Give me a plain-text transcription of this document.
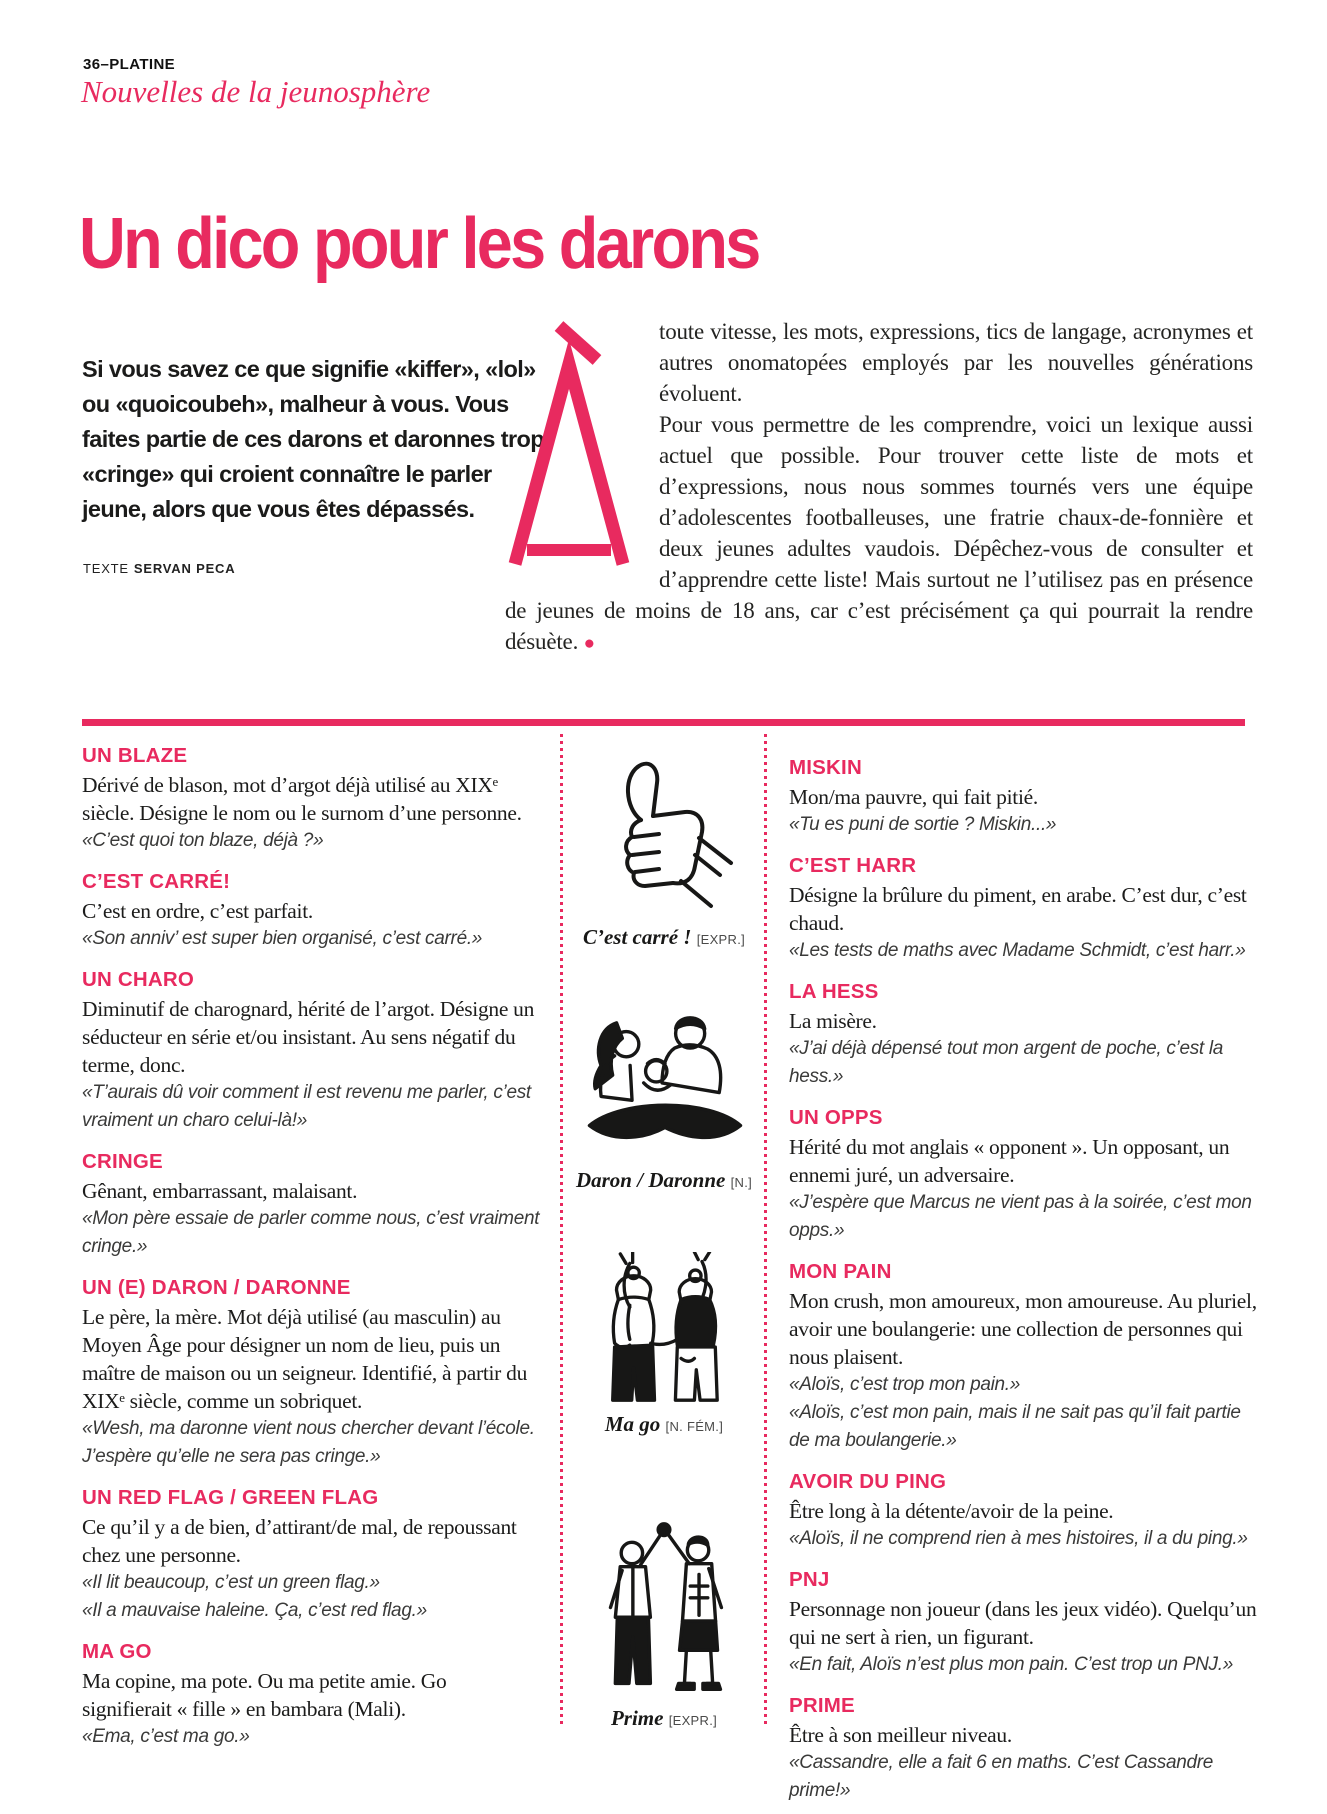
36–PLATINE
Nouvelles de la jeunosphère
Un dico pour les darons

Si vous savez ce que signifie «kiffer», «lol» ou «quoicoubeh», malheur à vous. Vous faites partie de ces darons et daronnes trop «cringe» qui croient connaître le parler jeune, alors que vous êtes dépassés.

TEXTE SERVAN PECA

toute vitesse, les mots, expressions, tics de langage, acronymes et autres onomatopées employés par les nouvelles générations évoluent.

Pour vous permettre de les comprendre, voici un lexique aussi actuel que possible. Pour trouver cette liste de mots et d’expressions, nous nous sommes tournés vers une équipe d’adolescentes footballeuses, une fratrie chaux-de-fonnière et deux jeunes adultes vaudois. Dépêchez-vous de consulter et d’apprendre cette liste! Mais surtout ne l’utilisez pas en présence de jeunes de moins de 18 ans, car c’est précisément ça qui pourrait la rendre désuète. ●

UN BLAZE

Dérivé de blason, mot d’argot déjà utilisé au XIXᵉ siècle. Désigne le nom ou le surnom d’une personne.

«C’est quoi ton blaze, déjà ?»
C’EST CARRÉ!

C’est en ordre, c’est parfait.

«Son anniv’ est super bien organisé, c’est carré.»
UN CHARO

Diminutif de charognard, hérité de l’argot. Désigne un séducteur en série et/ou insistant. Au sens négatif du terme, donc.

«T’aurais dû voir comment il est revenu me parler, c’est vraiment un charo celui-là!»
CRINGE

Gênant, embarrassant, malaisant.

«Mon père essaie de parler comme nous, c’est vraiment cringe.»
UN (E) DARON / DARONNE

Le père, la mère. Mot déjà utilisé (au masculin) au Moyen Âge pour désigner un nom de lieu, puis un maître de maison ou un seigneur. Identifié, à partir du XIXᵉ siècle, comme un sobriquet.

«Wesh, ma daronne vient nous chercher devant l’école. J’espère qu’elle ne sera pas cringe.»
UN RED FLAG / GREEN FLAG

Ce qu’il y a de bien, d’attirant/de mal, de repoussant chez une personne.

«Il lit beaucoup, c’est un green flag.»
«Il a mauvaise haleine. Ça, c’est red flag.»
MA GO

Ma copine, ma pote. Ou ma petite amie. Go signifierait « fille » en bambara (Mali).

«Ema, c’est ma go.»
MISKIN

Mon/ma pauvre, qui fait pitié.

«Tu es puni de sortie ? Miskin...»
C’EST HARR

Désigne la brûlure du piment, en arabe. C’est dur, c’est chaud.

«Les tests de maths avec Madame Schmidt, c’est harr.»
LA HESS

La misère.

«J’ai déjà dépensé tout mon argent de poche, c’est la hess.»
UN OPPS

Hérité du mot anglais « opponent ». Un opposant, un ennemi juré, un adversaire.

«J’espère que Marcus ne vient pas à la soirée, c’est mon opps.»
MON PAIN

Mon crush, mon amoureux, mon amoureuse. Au pluriel, avoir une boulangerie: une collection de personnes qui nous plaisent.

«Aloïs, c’est trop mon pain.»
«Aloïs, c’est mon pain, mais il ne sait pas qu’il fait partie de ma boulangerie.»
AVOIR DU PING

Être long à la détente/avoir de la peine.

«Aloïs, il ne comprend rien à mes histoires, il a du ping.»
PNJ

Personnage non joueur (dans les jeux vidéo). Quelqu’un qui ne sert à rien, un figurant.

«En fait, Aloïs n’est plus mon pain. C’est trop un PNJ.»
PRIME

Être à son meilleur niveau.

«Cassandre, elle a fait 6 en maths. C’est Cassandre prime!»
C’est carré ! [EXPR.]
Daron / Daronne [N.]
Ma go [N. FÉM.]
Prime [EXPR.]
